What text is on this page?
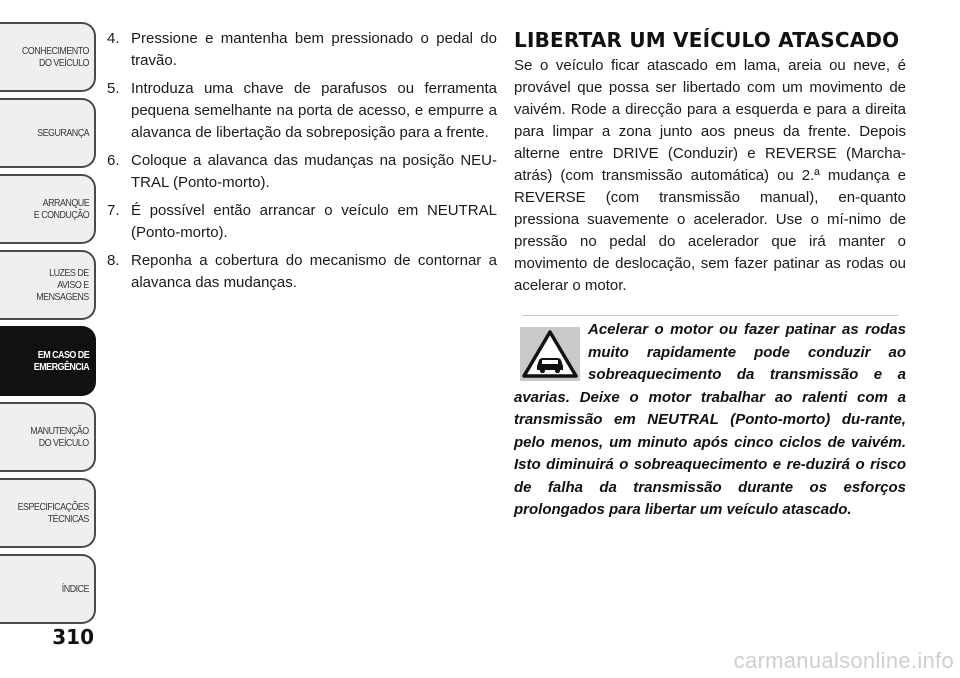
CONHECIMENTO
DO VEÍCULO
SEGURANÇA
ARRANQUE
E CONDUÇÃO
LUZES DE
AVISO E
MENSAGENS
EM CASO DE
EMERGÊNCIA
MANUTENÇÃO
DO VEÍCULO
ESPECIFICAÇÕES
TÉCNICAS
ÍNDICE
310
4. Pressione e mantenha bem pressionado o pedal do travão.
5. Introduza uma chave de parafusos ou ferramenta pequena semelhante na porta de acesso, e empurre a alavanca de libertação da sobreposição para a frente.
6. Coloque a alavanca das mudanças na posição NEU-TRAL (Ponto-morto).
7. É possível então arrancar o veículo em NEUTRAL (Ponto-morto).
8. Reponha a cobertura do mecanismo de contornar a alavanca das mudanças.
LIBERTAR UM VEÍCULO ATASCADO

Se o veículo ficar atascado em lama, areia ou neve, é provável que possa ser libertado com um movimento de vaivém. Rode a direcção para a esquerda e para a direita para limpar a zona junto aos pneus da frente. Depois alterne entre DRIVE (Conduzir) e REVERSE (Marcha-atrás) (com transmissão automática) ou 2.ª mudança e REVERSE (com transmissão manual), en-quanto pressiona suavemente o acelerador. Use o mí-nimo de pressão no pedal do acelerador que irá manter o movimento de deslocação, sem fazer patinar as rodas ou acelerar o motor.

Acelerar o motor ou fazer patinar as rodas muito rapidamente pode conduzir ao sobreaquecimento da transmissão e a avarias. Deixe o motor trabalhar ao ralenti com a transmissão em NEUTRAL (Ponto-morto) du-rante, pelo menos, um minuto após cinco ciclos de vaivém. Isto diminuirá o sobreaquecimento e re-duzirá o risco de falha da transmissão durante os esforços prolongados para libertar um veículo atascado.

carmanualsonline.info
